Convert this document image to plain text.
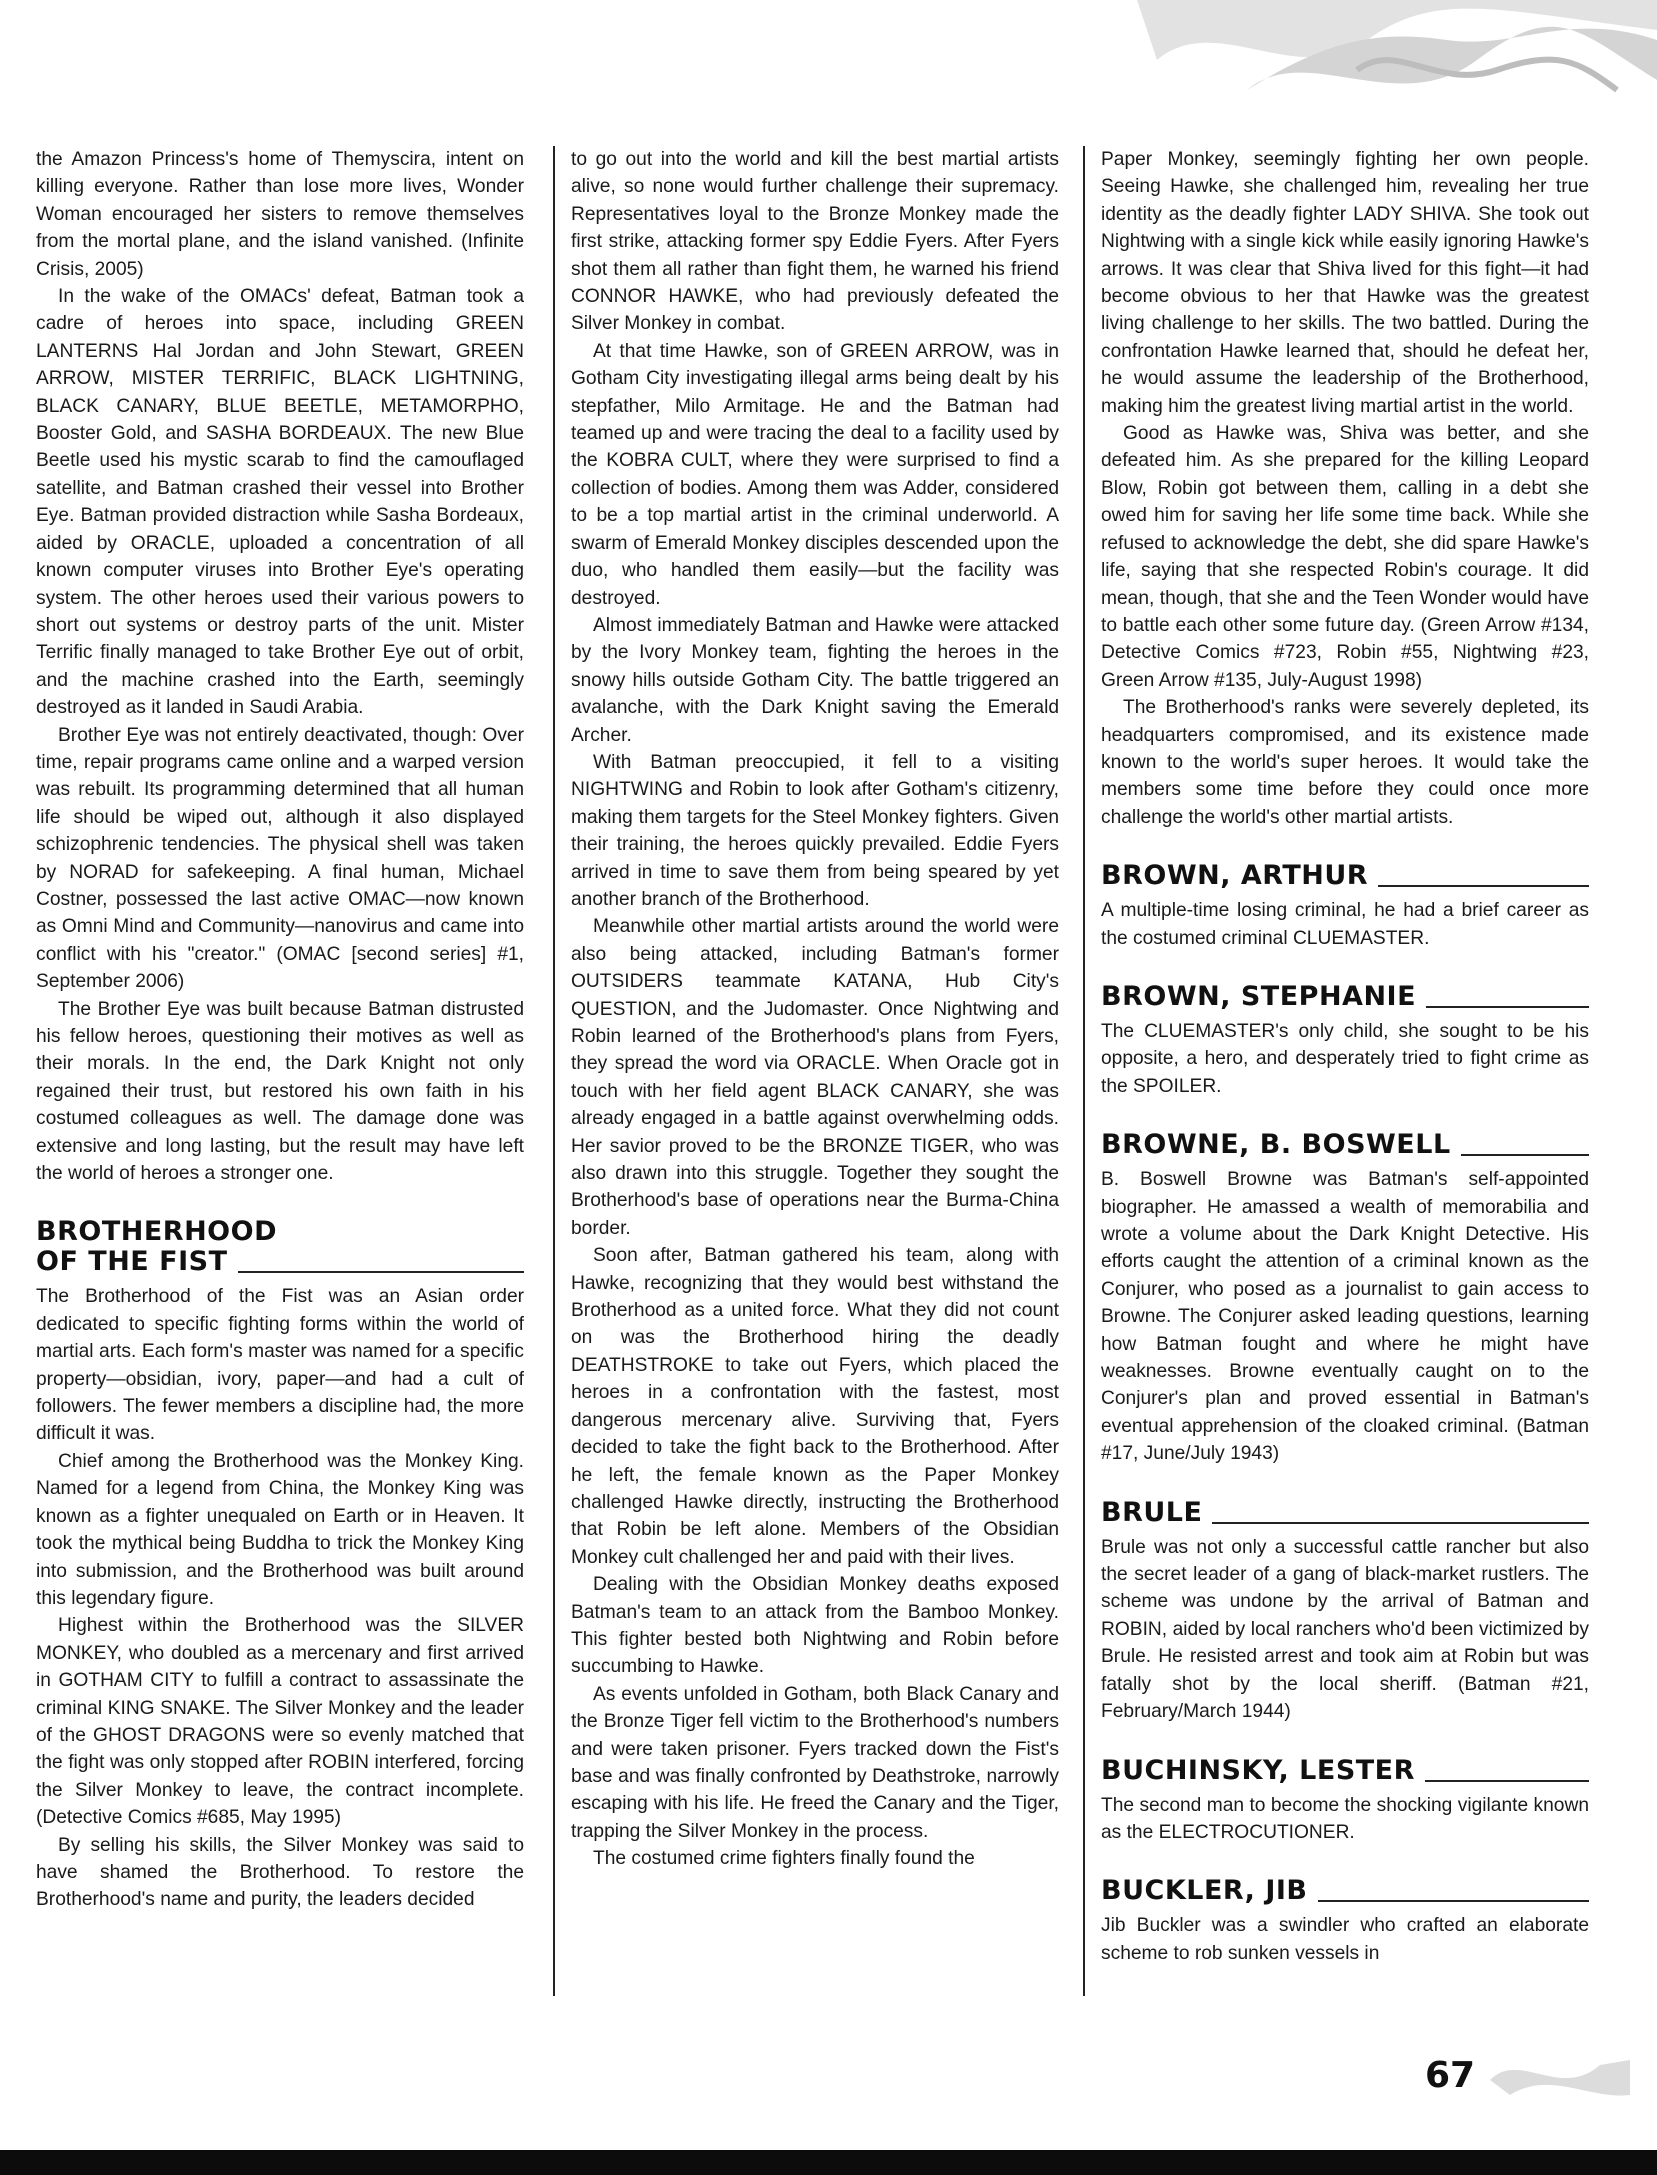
the Amazon Princess's home of Themyscira, intent on killing everyone. Rather than lose more lives, Wonder Woman encouraged her sisters to remove themselves from the mortal plane, and the island vanished. (Infinite Crisis, 2005)

In the wake of the OMACs' defeat, Batman took a cadre of heroes into space, including GREEN LANTERNS Hal Jordan and John Stewart, GREEN ARROW, MISTER TERRIFIC, BLACK LIGHTNING, BLACK CANARY, BLUE BEETLE, METAMORPHO, Booster Gold, and SASHA BORDEAUX. The new Blue Beetle used his mystic scarab to find the camouflaged satellite, and Batman crashed their vessel into Brother Eye. Batman provided distraction while Sasha Bordeaux, aided by ORACLE, uploaded a concentration of all known computer viruses into Brother Eye's operating system. The other heroes used their various powers to short out systems or destroy parts of the unit. Mister Terrific finally managed to take Brother Eye out of orbit, and the machine crashed into the Earth, seemingly destroyed as it landed in Saudi Arabia.

Brother Eye was not entirely deactivated, though: Over time, repair programs came online and a warped version was rebuilt. Its programming determined that all human life should be wiped out, although it also displayed schizophrenic tendencies. The physical shell was taken by NORAD for safekeeping. A final human, Michael Costner, possessed the last active OMAC—now known as Omni Mind and Community—nanovirus and came into conflict with his "creator." (OMAC [second series] #1, September 2006)

The Brother Eye was built because Batman distrusted his fellow heroes, questioning their motives as well as their morals. In the end, the Dark Knight not only regained their trust, but restored his own faith in his costumed colleagues as well. The damage done was extensive and long lasting, but the result may have left the world of heroes a stronger one.

BROTHERHOOD
OF THE FIST

The Brotherhood of the Fist was an Asian order dedicated to specific fighting forms within the world of martial arts. Each form's master was named for a specific property—obsidian, ivory, paper—and had a cult of followers. The fewer members a discipline had, the more difficult it was.

Chief among the Brotherhood was the Monkey King. Named for a legend from China, the Monkey King was known as a fighter unequaled on Earth or in Heaven. It took the mythical being Buddha to trick the Monkey King into submission, and the Brotherhood was built around this legendary figure.

Highest within the Brotherhood was the SILVER MONKEY, who doubled as a mercenary and first arrived in GOTHAM CITY to fulfill a contract to assassinate the criminal KING SNAKE. The Silver Monkey and the leader of the GHOST DRAGONS were so evenly matched that the fight was only stopped after ROBIN interfered, forcing the Silver Monkey to leave, the contract incomplete. (Detective Comics #685, May 1995)

By selling his skills, the Silver Monkey was said to have shamed the Brotherhood. To restore the Brotherhood's name and purity, the leaders decided

to go out into the world and kill the best martial artists alive, so none would further challenge their supremacy. Representatives loyal to the Bronze Monkey made the first strike, attacking former spy Eddie Fyers. After Fyers shot them all rather than fight them, he warned his friend CONNOR HAWKE, who had previously defeated the Silver Monkey in combat.

At that time Hawke, son of GREEN ARROW, was in Gotham City investigating illegal arms being dealt by his stepfather, Milo Armitage. He and the Batman had teamed up and were tracing the deal to a facility used by the KOBRA CULT, where they were surprised to find a collection of bodies. Among them was Adder, considered to be a top martial artist in the criminal underworld. A swarm of Emerald Monkey disciples descended upon the duo, who handled them easily—but the facility was destroyed.

Almost immediately Batman and Hawke were attacked by the Ivory Monkey team, fighting the heroes in the snowy hills outside Gotham City. The battle triggered an avalanche, with the Dark Knight saving the Emerald Archer.

With Batman preoccupied, it fell to a visiting NIGHTWING and Robin to look after Gotham's citizenry, making them targets for the Steel Monkey fighters. Given their training, the heroes quickly prevailed. Eddie Fyers arrived in time to save them from being speared by yet another branch of the Brotherhood.

Meanwhile other martial artists around the world were also being attacked, including Batman's former OUTSIDERS teammate KATANA, Hub City's QUESTION, and the Judomaster. Once Nightwing and Robin learned of the Brotherhood's plans from Fyers, they spread the word via ORACLE. When Oracle got in touch with her field agent BLACK CANARY, she was already engaged in a battle against overwhelming odds. Her savior proved to be the BRONZE TIGER, who was also drawn into this struggle. Together they sought the Brotherhood's base of operations near the Burma-China border.

Soon after, Batman gathered his team, along with Hawke, recognizing that they would best withstand the Brotherhood as a united force. What they did not count on was the Brotherhood hiring the deadly DEATHSTROKE to take out Fyers, which placed the heroes in a confrontation with the fastest, most dangerous mercenary alive. Surviving that, Fyers decided to take the fight back to the Brotherhood. After he left, the female known as the Paper Monkey challenged Hawke directly, instructing the Brotherhood that Robin be left alone. Members of the Obsidian Monkey cult challenged her and paid with their lives.

Dealing with the Obsidian Monkey deaths exposed Batman's team to an attack from the Bamboo Monkey. This fighter bested both Nightwing and Robin before succumbing to Hawke.

As events unfolded in Gotham, both Black Canary and the Bronze Tiger fell victim to the Brotherhood's numbers and were taken prisoner. Fyers tracked down the Fist's base and was finally confronted by Deathstroke, narrowly escaping with his life. He freed the Canary and the Tiger, trapping the Silver Monkey in the process.

The costumed crime fighters finally found the

Paper Monkey, seemingly fighting her own people. Seeing Hawke, she challenged him, revealing her true identity as the deadly fighter LADY SHIVA. She took out Nightwing with a single kick while easily ignoring Hawke's arrows. It was clear that Shiva lived for this fight—it had become obvious to her that Hawke was the greatest living challenge to her skills. The two battled. During the confrontation Hawke learned that, should he defeat her, he would assume the leadership of the Brotherhood, making him the greatest living martial artist in the world.

Good as Hawke was, Shiva was better, and she defeated him. As she prepared for the killing Leopard Blow, Robin got between them, calling in a debt she owed him for saving her life some time back. While she refused to acknowledge the debt, she did spare Hawke's life, saying that she respected Robin's courage. It did mean, though, that she and the Teen Wonder would have to battle each other some future day. (Green Arrow #134, Detective Comics #723, Robin #55, Nightwing #23, Green Arrow #135, July-August 1998)

The Brotherhood's ranks were severely depleted, its headquarters compromised, and its existence made known to the world's super heroes. It would take the members some time before they could once more challenge the world's other martial artists.

BROWN, ARTHUR

A multiple-time losing criminal, he had a brief career as the costumed criminal CLUEMASTER.

BROWN, STEPHANIE

The CLUEMASTER's only child, she sought to be his opposite, a hero, and desperately tried to fight crime as the SPOILER.

BROWNE, B. BOSWELL

B. Boswell Browne was Batman's self-appointed biographer. He amassed a wealth of memorabilia and wrote a volume about the Dark Knight Detective. His efforts caught the attention of a criminal known as the Conjurer, who posed as a journalist to gain access to Browne. The Conjurer asked leading questions, learning how Batman fought and where he might have weaknesses. Browne eventually caught on to the Conjurer's plan and proved essential in Batman's eventual apprehension of the cloaked criminal. (Batman #17, June/July 1943)

BRULE

Brule was not only a successful cattle rancher but also the secret leader of a gang of black-market rustlers. The scheme was undone by the arrival of Batman and ROBIN, aided by local ranchers who'd been victimized by Brule. He resisted arrest and took aim at Robin but was fatally shot by the local sheriff. (Batman #21, February/March 1944)

BUCHINSKY, LESTER

The second man to become the shocking vigilante known as the ELECTROCUTIONER.

BUCKLER, JIB

Jib Buckler was a swindler who crafted an elaborate scheme to rob sunken vessels in

67
